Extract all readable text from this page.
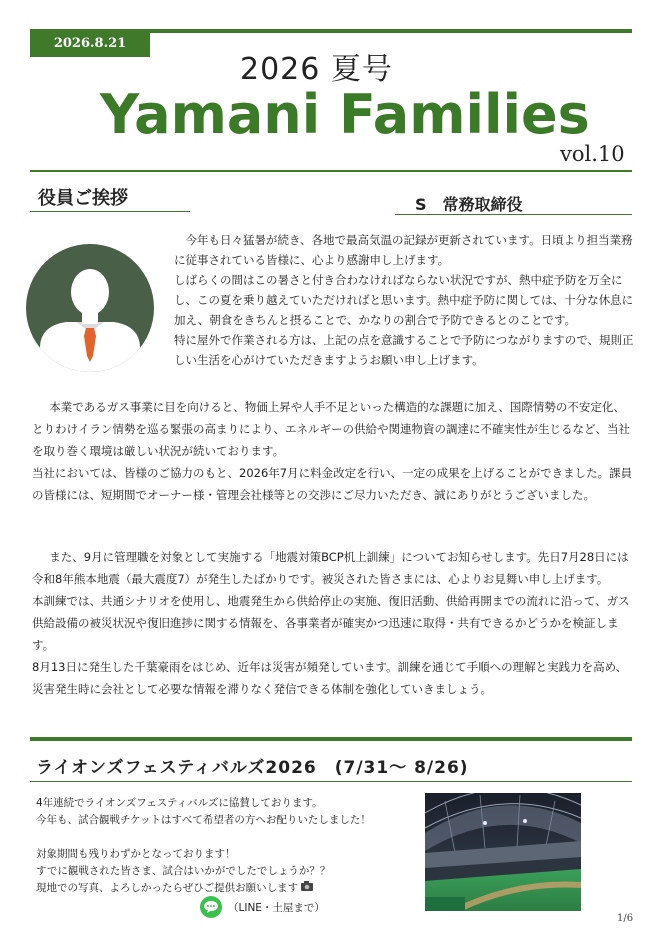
2026.8.21
2026 夏号
Yamani Families
vol.10
役員ご挨拶	S　常務取締役

今年も日々猛暑が続き、各地で最高気温の記録が更新されています。日頃より担当業務に従事されている皆様に、心より感謝申し上げます。

しばらくの間はこの暑さと付き合わなければならない状況ですが、熱中症予防を万全にし、この夏を乗り越えていただければと思います。熱中症予防に関しては、十分な休息に加え、朝食をきちんと摂ることで、かなりの割合で予防できるとのことです。

特に屋外で作業される方は、上記の点を意識することで予防につながりますので、規則正しい生活を心がけていただきますようお願い申し上げます。

本業であるガス事業に目を向けると、物価上昇や人手不足といった構造的な課題に加え、国際情勢の不安定化、とりわけイラン情勢を巡る緊張の高まりにより、エネルギーの供給や関連物資の調達に不確実性が生じるなど、当社を取り巻く環境は厳しい状況が続いております。

当社においては、皆様のご協力のもと、2026年7月に料金改定を行い、一定の成果を上げることができました。課員の皆様には、短期間でオーナー様・管理会社様等との交渉にご尽力いただき、誠にありがとうございました。

また、9月に管理職を対象として実施する「地震対策BCP机上訓練」についてお知らせします。先日7月28日には令和8年熊本地震（最大震度7）が発生したばかりです。被災された皆さまには、心よりお見舞い申し上げます。

本訓練では、共通シナリオを使用し、地震発生から供給停止の実施、復旧活動、供給再開までの流れに沿って、ガス供給設備の被災状況や復旧進捗に関する情報を、各事業者が確実かつ迅速に取得・共有できるかどうかを検証します。

8月13日に発生した千葉豪雨をはじめ、近年は災害が頻発しています。訓練を通じて手順への理解と実践力を高め、災害発生時に会社として必要な情報を滞りなく発信できる体制を強化していきましょう。

ライオンズフェスティバルズ2026　(7/31～ 8/26)

4年連続でライオンズフェスティバルズに協賛しております。

今年も、試合観戦チケットはすべて希望者の方へお配りいたしました！

対象期間も残りわずかとなっております！

すでに観戦された皆さま、試合はいかがでしたでしょうか？？

現地での写真、よろしかったらぜひご提供お願いします

（LINE・土屋まで）
1/6
